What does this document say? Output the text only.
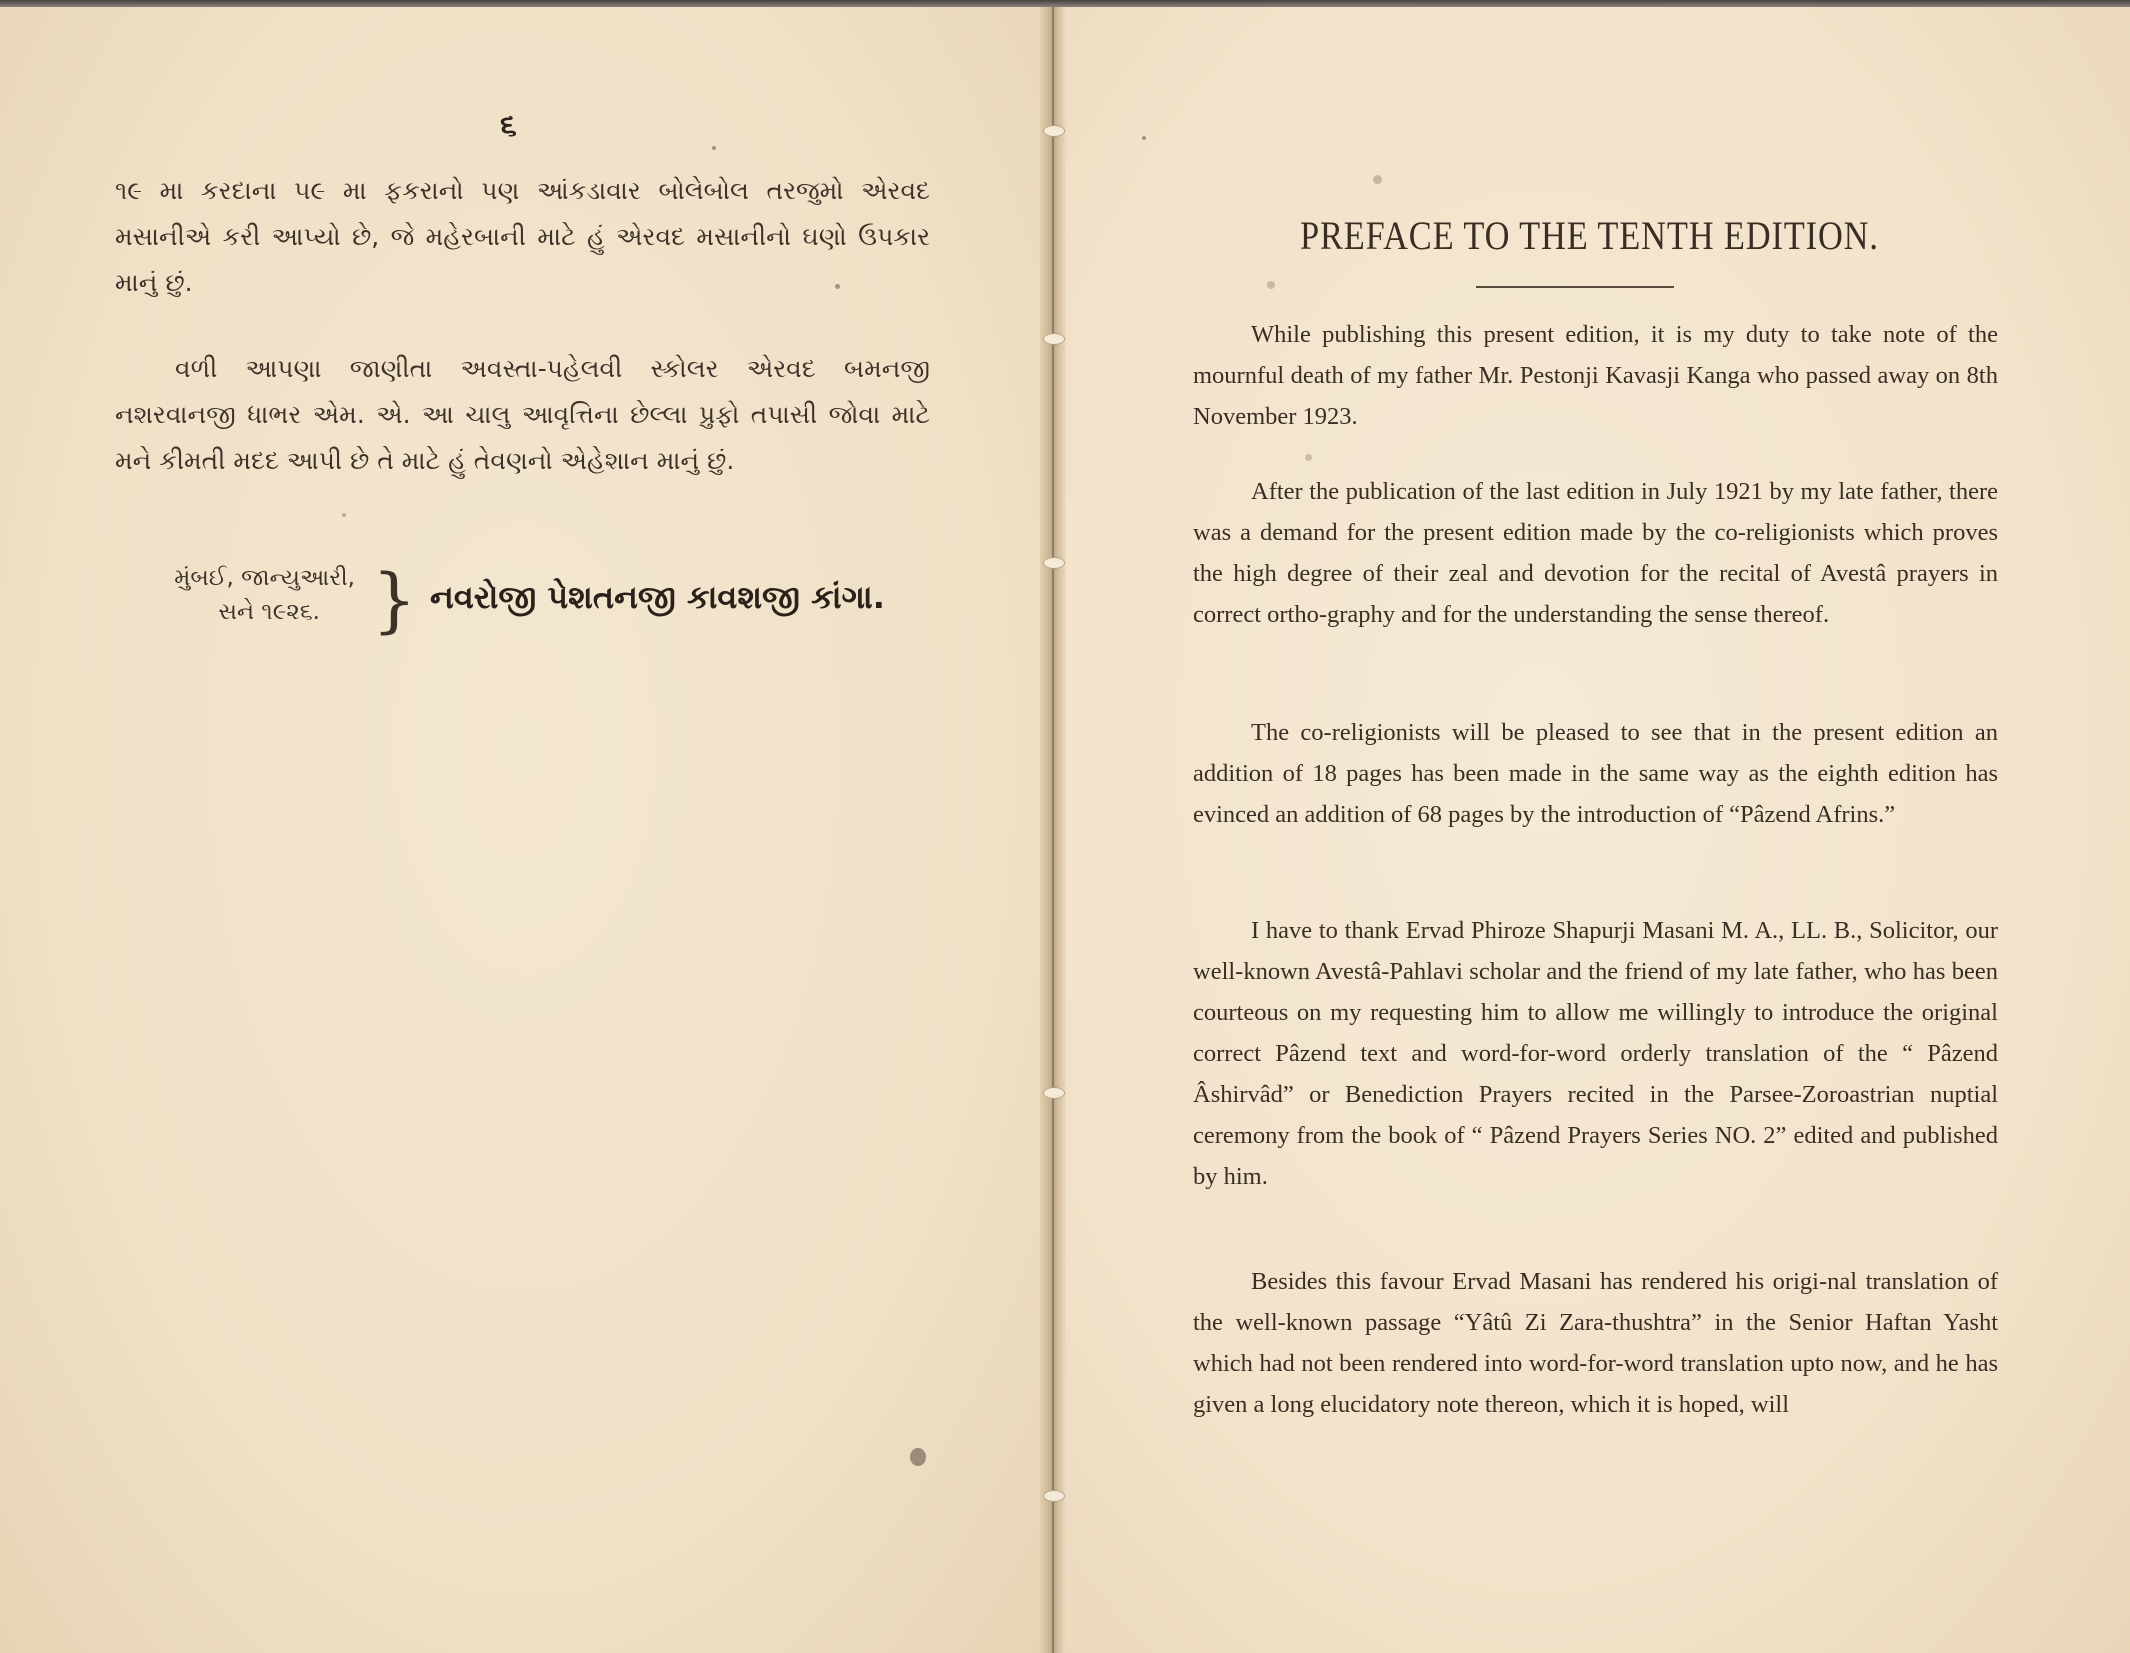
૬

૧૯ મા કરદાના ૫૯ મા ફકરાનો પણ આંકડાવાર બોલેબોલ તરજુમો એરવદ મસાનીએ કરી આપ્યો છે, જે મહેરબાની માટે હું એરવદ મસાનીનો ઘણો ઉપકાર માનું છું.

વળી આપણા જાણીતા અવસ્તા-પહેલવી સ્કોલર એરવદ બમનજી નશરવાનજી ધાભર એમ. એ. આ ચાલુ આવૃત્તિના છેલ્લા પ્રુફો તપાસી જોવા માટે મને કીમતી મદદ આપી છે તે માટે હું તેવણનો એહેશાન માનું છું.

મુંબઈ, જાન્યુઆરી,
સને ૧૯૨૬. } નવરોજી પેશતનજી કાવશજી કાંગા.
PREFACE TO THE TENTH EDITION.

While publishing this present edition, it is my duty to take note of the mournful death of my father Mr. Pestonji Kavasji Kanga who passed away on 8th November 1923.

After the publication of the last edition in July 1921 by my late father, there was a demand for the present edition made by the co-religionists which proves the high degree of their zeal and devotion for the recital of Avestâ prayers in correct ortho-graphy and for the understanding the sense thereof.

The co-religionists will be pleased to see that in the present edition an addition of 18 pages has been made in the same way as the eighth edition has evinced an addition of 68 pages by the introduction of “Pâzend Afrins.”

I have to thank Ervad Phiroze Shapurji Masani M. A., LL. B., Solicitor, our well-known Avestâ-Pahlavi scholar and the friend of my late father, who has been courteous on my requesting him to allow me willingly to introduce the original correct Pâzend text and word-for-word orderly translation of the “ Pâzend Âshirvâd” or Benediction Prayers recited in the Parsee-Zoroastrian nuptial ceremony from the book of “ Pâzend Prayers Series NO. 2” edited and published by him.

Besides this favour Ervad Masani has rendered his origi-nal translation of the well-known passage “Yâtû Zi Zara-thushtra” in the Senior Haftan Yasht which had not been rendered into word-for-word translation upto now, and he has given a long elucidatory note thereon, which it is hoped, will
